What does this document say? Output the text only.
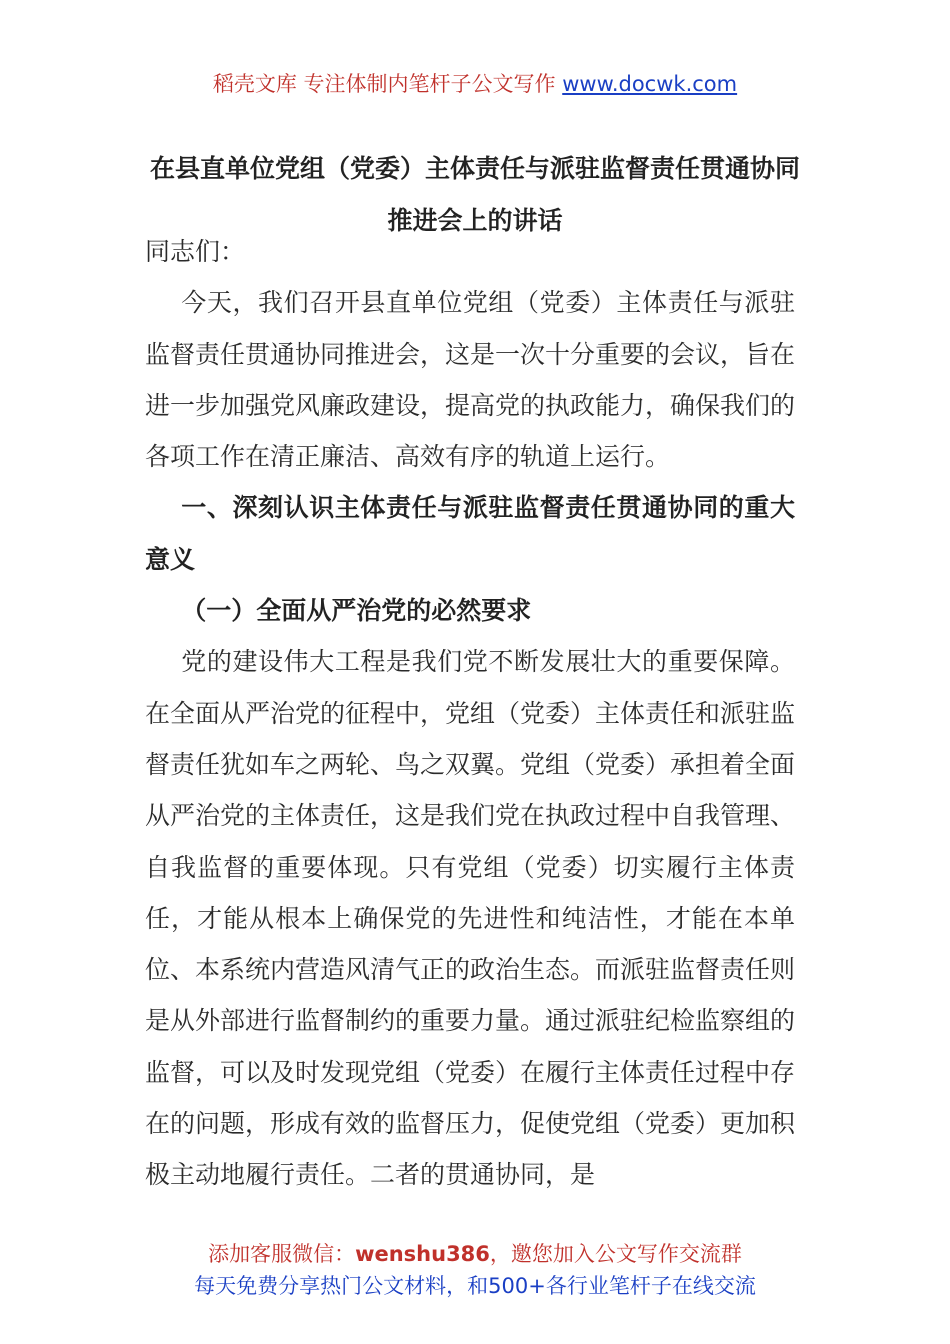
稻壳文库 专注体制内笔杆子公文写作 www.docwk.com
在县直单位党组（党委）主体责任与派驻监督责任贯通协同推进会上的讲话

同志们：

今天，我们召开县直单位党组（党委）主体责任与派驻监督责任贯通协同推进会，这是一次十分重要的会议，旨在进一步加强党风廉政建设，提高党的执政能力，确保我们的各项工作在清正廉洁、高效有序的轨道上运行。

一、深刻认识主体责任与派驻监督责任贯通协同的重大意义

（一）全面从严治党的必然要求

党的建设伟大工程是我们党不断发展壮大的重要保障。在全面从严治党的征程中，党组（党委）主体责任和派驻监督责任犹如车之两轮、鸟之双翼。党组（党委）承担着全面从严治党的主体责任，这是我们党在执政过程中自我管理、自我监督的重要体现。只有党组（党委）切实履行主体责任，才能从根本上确保党的先进性和纯洁性，才能在本单位、本系统内营造风清气正的政治生态。而派驻监督责任则是从外部进行监督制约的重要力量。通过派驻纪检监察组的监督，可以及时发现党组（党委）在履行主体责任过程中存在的问题，形成有效的监督压力，促使党组（党委）更加积极主动地履行责任。二者的贯通协同，是

添加客服微信：wenshu386，邀您加入公文写作交流群
每天免费分享热门公文材料，和500+各行业笔杆子在线交流
